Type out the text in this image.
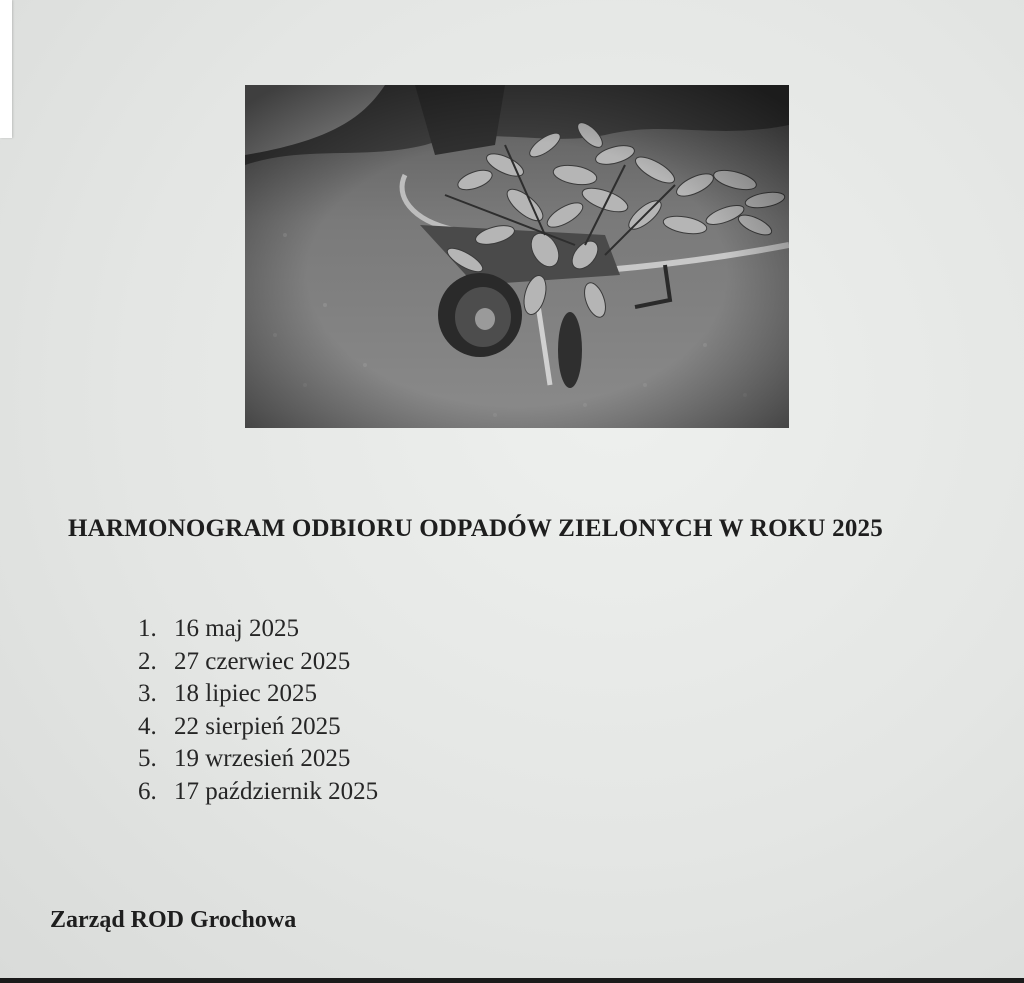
HARMONOGRAM ODBIORU ODPADÓW ZIELONYCH W ROKU 2025
1. 16 maj 2025
2. 27 czerwiec 2025
3. 18 lipiec 2025
4. 22 sierpień 2025
5. 19 wrzesień 2025
6. 17 październik 2025

Zarząd ROD Grochowa
